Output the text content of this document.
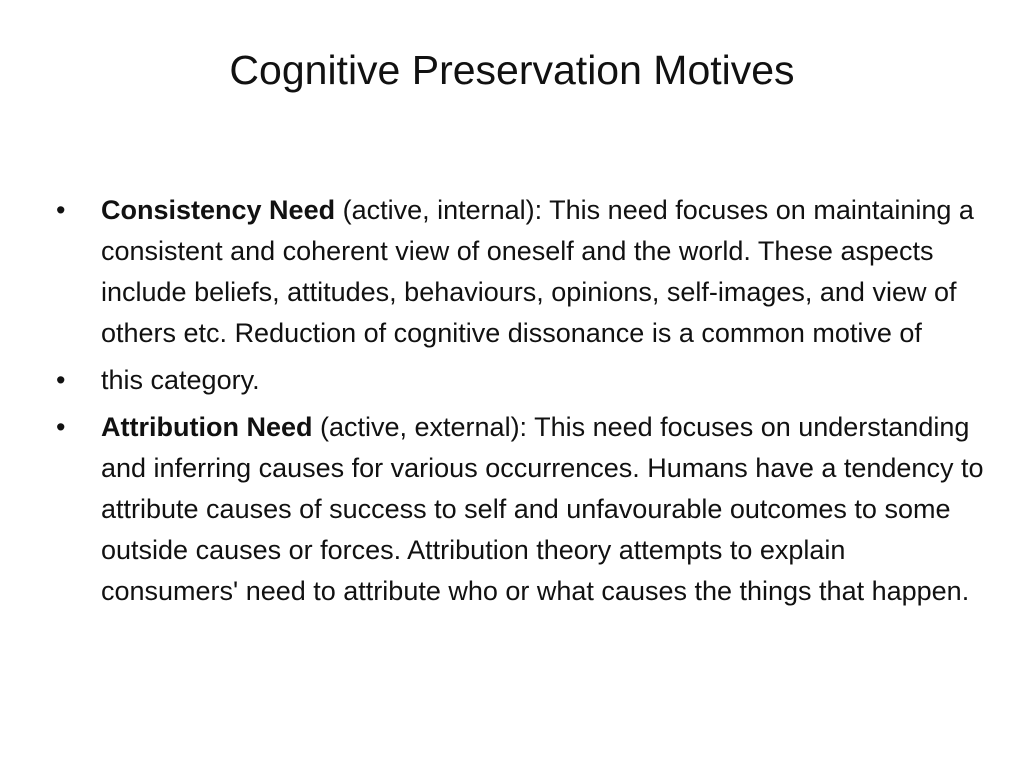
Cognitive Preservation Motives
• Consistency Need (active, internal): This need focuses on maintaining a consistent and coherent view of oneself and the world. These aspects include beliefs, attitudes, behaviours, opinions, self-images, and view of others etc. Reduction of cognitive dissonance is a common motive of
• this category.
• Attribution Need (active, external): This need focuses on understanding and inferring causes for various occurrences. Humans have a tendency to attribute causes of success to self and unfavourable outcomes to some outside causes or forces. Attribution theory attempts to explain consumers' need to attribute who or what causes the things that happen.
